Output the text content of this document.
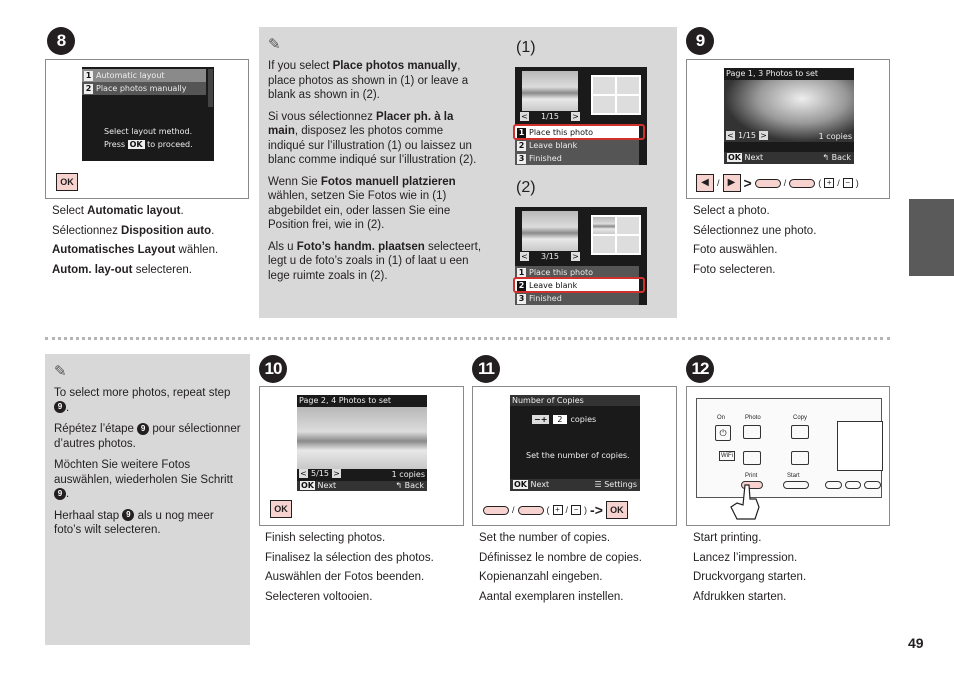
8
1 Automatic layout
2 Place photos manually
Select layout method.
Press OK to proceed.
OK

Select Automatic layout.

Sélectionnez Disposition auto.

Automatisches Layout wählen.

Autom. lay-out selecteren.

✎

If you select Place photos manually, place photos as shown in (1) or leave a blank as shown in (2).

Si vous sélectionnez Placer ph. à la main, disposez les photos comme indiqué sur l’illustration (1) ou laissez un blanc comme indiqué sur l’illustration (2).

Wenn Sie Fotos manuell platzieren wählen, setzen Sie Fotos wie in (1) abgebildet ein, oder lassen Sie eine Position frei, wie in (2).

Als u Foto’s handm. plaatsen selecteert, legt u de foto’s zoals in (1) of laat u een lege ruimte zoals in (2).

(1)
< 1/15 >
1 Place this photo
2 Leave blank
3 Finished
(2)
< 3/15 >
1 Place this photo
2 Leave blank
3 Finished
9
Page 1, 3 Photos to set
< 1/15 >	1 copies
OK Next	↰ Back
◀ / ▶ >	/	( + / − )

Select a photo.

Sélectionnez une photo.

Foto auswählen.

Foto selecteren.

✎

To select more photos, repeat step 9 .

Répétez l’étape 9 pour sélectionner d’autres photos.

Möchten Sie weitere Fotos auswählen, wiederholen Sie Schritt 9 .

Herhaal stap 9 als u nog meer foto’s wilt selecteren.

10
Page 2, 4 Photos to set
< 5/15 >	1 copies
OK Next	↰ Back
OK

Finish selecting photos.

Finalisez la sélection des photos.

Auswählen der Fotos beenden.

Selecteren voltooien.

11
Number of Copies
−+	2	copies
Set the number of copies.
OK Next	☰ Settings
/	( + / − ) -> OK

Set the number of copies.

Définissez le nombre de copies.

Kopienanzahl eingeben.

Aantal exemplaren instellen.

12
On
⏻
Photo	Copy
WiFi
Print	Start

Start printing.

Lancez l’impression.

Druckvorgang starten.

Afdrukken starten.

49
